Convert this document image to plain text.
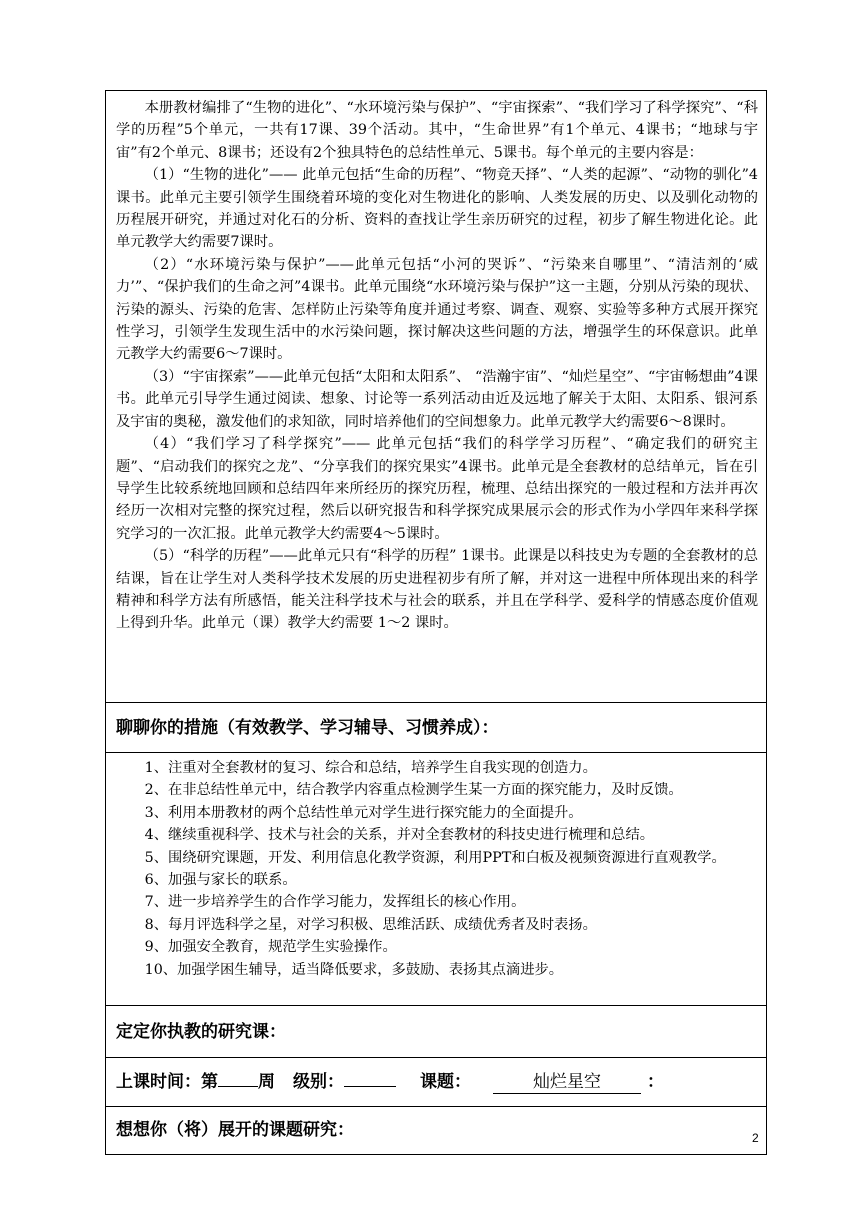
本册教材编排了“生物的进化”、“水环境污染与保护”、“宇宙探索”、“我们学习了科学探究”、“科学的历程”5个单元，一共有17课、39个活动。其中，“生命世界”有1个单元、4课书；“地球与宇宙”有2个单元、8课书；还设有2个独具特色的总结性单元、5课书。每个单元的主要内容是：

（1）“生物的进化”—— 此单元包括“生命的历程”、“物竞天择”、“人类的起源”、“动物的驯化”4课书。此单元主要引领学生围绕着环境的变化对生物进化的影响、人类发展的历史、以及驯化动物的历程展开研究，并通过对化石的分析、资料的查找让学生亲历研究的过程，初步了解生物进化论。此单元教学大约需要7课时。

（2）“水环境污染与保护”——此单元包括“小河的哭诉”、“污染来自哪里”、“清洁剂的‘威力’”、“保护我们的生命之河”4课书。此单元围绕“水环境污染与保护”这一主题，分别从污染的现状、污染的源头、污染的危害、怎样防止污染等角度并通过考察、调查、观察、实验等多种方式展开探究性学习，引领学生发现生活中的水污染问题，探讨解决这些问题的方法，增强学生的环保意识。此单元教学大约需要6～7课时。

（3）“宇宙探索”——此单元包括“太阳和太阳系”、 “浩瀚宇宙”、“灿烂星空”、“宇宙畅想曲”4课书。此单元引导学生通过阅读、想象、讨论等一系列活动由近及远地了解关于太阳、太阳系、银河系及宇宙的奥秘，激发他们的求知欲，同时培养他们的空间想象力。此单元教学大约需要6～8课时。

（4）“我们学习了科学探究”—— 此单元包括“我们的科学学习历程”、“确定我们的研究主题”、“启动我们的探究之龙”、“分享我们的探究果实”4课书。此单元是全套教材的总结单元，旨在引导学生比较系统地回顾和总结四年来所经历的探究历程，梳理、总结出探究的一般过程和方法并再次经历一次相对完整的探究过程，然后以研究报告和科学探究成果展示会的形式作为小学四年来科学探究学习的一次汇报。此单元教学大约需要4～5课时。

（5）“科学的历程”——此单元只有“科学的历程” 1课书。此课是以科技史为专题的全套教材的总结课，旨在让学生对人类科学技术发展的历史进程初步有所了解，并对这一进程中所体现出来的科学精神和科学方法有所感悟，能关注科学技术与社会的联系，并且在学科学、爱科学的情感态度价值观上得到升华。此单元（课）教学大约需要 1～2 课时。

聊聊你的措施（有效教学、学习辅导、习惯养成）：

1、注重对全套教材的复习、综合和总结，培养学生自我实现的创造力。

2、在非总结性单元中，结合教学内容重点检测学生某一方面的探究能力，及时反馈。

3、利用本册教材的两个总结性单元对学生进行探究能力的全面提升。

4、继续重视科学、技术与社会的关系，并对全套教材的科技史进行梳理和总结。

5、围绕研究课题，开发、利用信息化教学资源，利用PPT和白板及视频资源进行直观教学。

6、加强与家长的联系。

7、进一步培养学生的合作学习能力，发挥组长的核心作用。

8、每月评选科学之星，对学习积极、思维活跃、成绩优秀者及时表扬。

9、加强安全教育，规范学生实验操作。

10、加强学困生辅导，适当降低要求，多鼓励、表扬其点滴进步。

定定你执教的研究课：
上课时间：第 周 级别：	课题：	灿烂星空	：
想想你（将）展开的课题研究：	2
